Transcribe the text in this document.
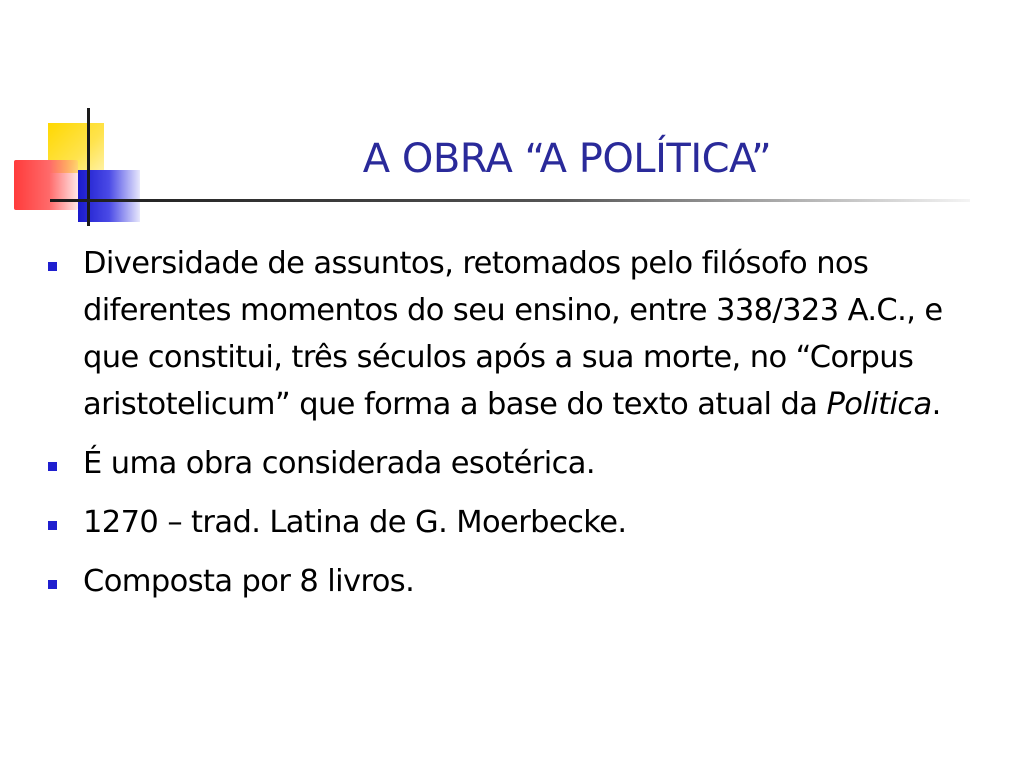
A OBRA “A POLÍTICA”
Diversidade de assuntos, retomados pelo filósofo nos diferentes momentos do seu ensino, entre 338/323 A.C., e que constitui, três séculos após a sua morte, no “Corpus aristotelicum” que forma a base do texto atual da Politica.
É uma obra considerada esotérica.
1270 – trad. Latina de G. Moerbecke.
Composta por 8 livros.
